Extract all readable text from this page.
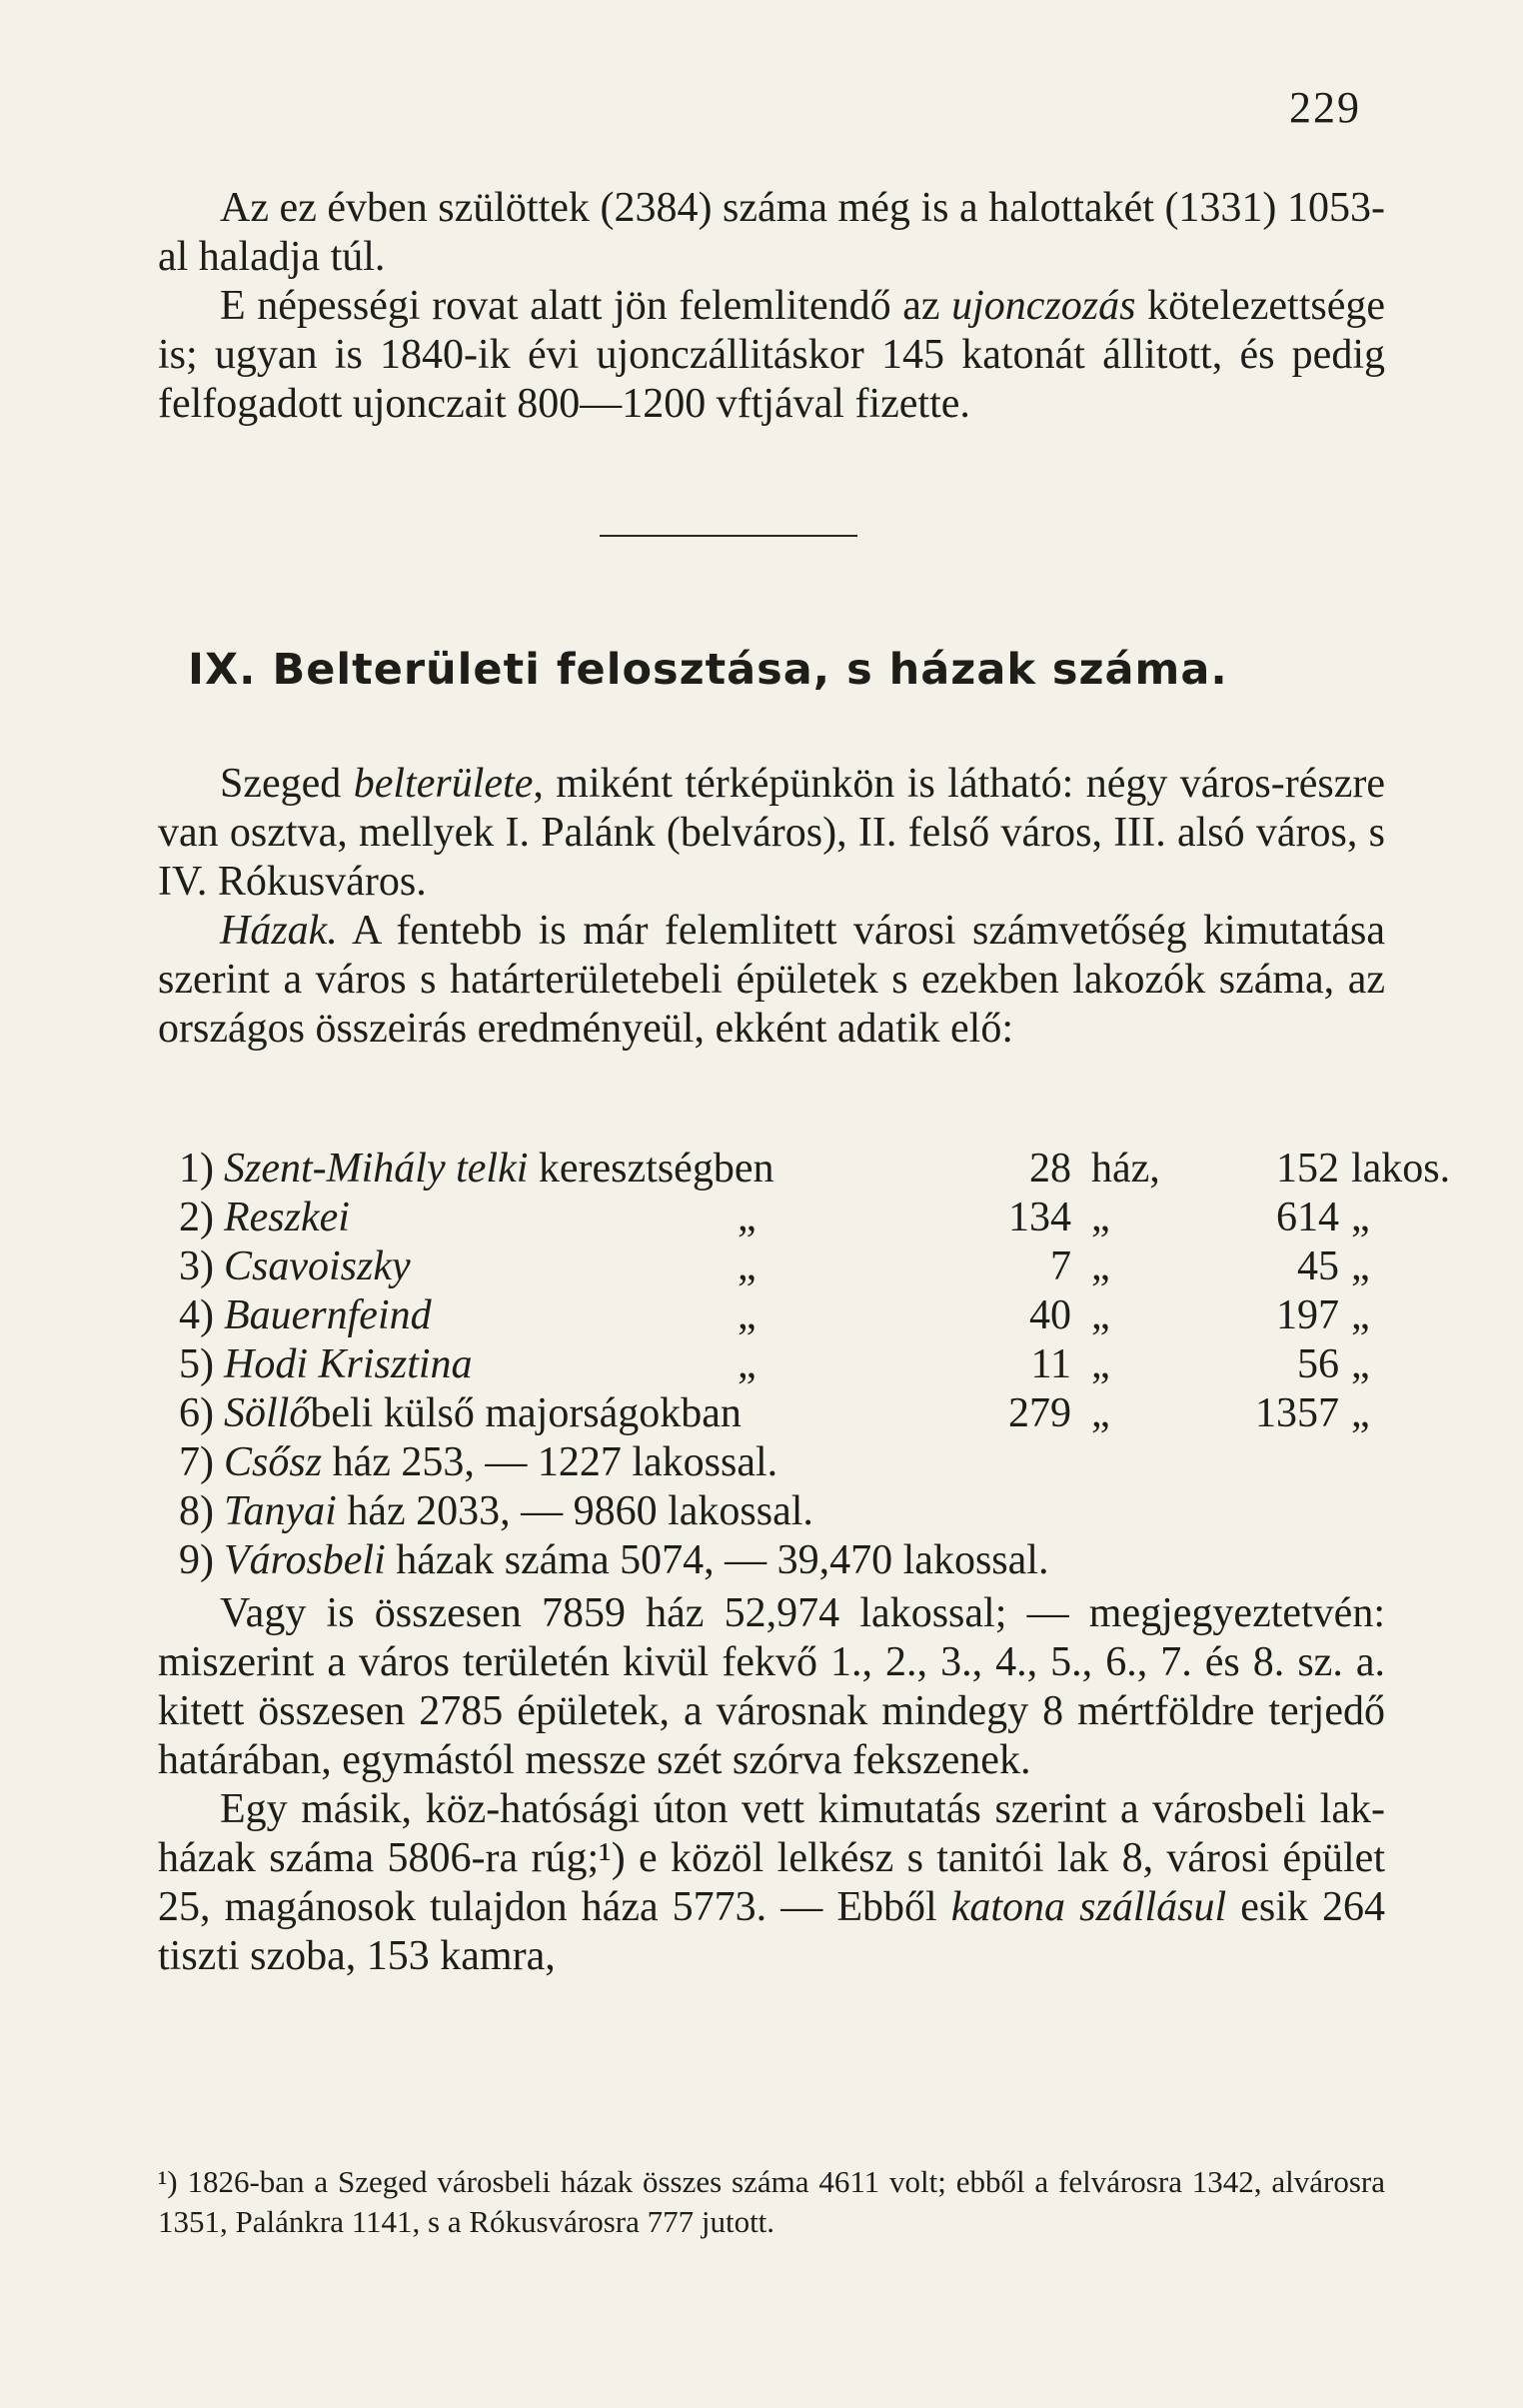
229

Az ez évben szülöttek (2384) száma még is a halottakét (1331) 1053-al haladja túl.

E népességi rovat alatt jön felemlitendő az ujonczozás kötelezettsége is; ugyan is 1840-ik évi ujonczállitáskor 145 katonát állitott, és pedig felfogadott ujonczait 800—1200 vftjával fizette.

IX. Belterületi felosztása, s házak száma.

Szeged belterülete, miként térképünkön is látható: négy város-részre van osztva, mellyek I. Palánk (belváros), II. felső város, III. alsó város, s IV. Rókusváros.

Házak. A fentebb is már felemlitett városi számvetőség kimutatása szerint a város s határterületebeli épületek s ezekben lakozók száma, az országos összeirás eredményeül, ekként adatik elő:

1) Szent-Mihály telki keresztségben	28 ház,	152 lakos.
2) Reszkei	„	134 „	614 „
3) Csavoiszky	„	7 „	45 „
4) Bauernfeind	„	40 „	197 „
5) Hodi Krisztina	„	11 „	56 „
6) Söllőbeli külső majorságokban	279 „	1357 „
7) Csősz ház 253, — 1227 lakossal.
8) Tanyai ház 2033, — 9860 lakossal.
9) Városbeli házak száma 5074, — 39,470 lakossal.

Vagy is összesen 7859 ház 52,974 lakossal; — megjegyeztetvén: miszerint a város területén kivül fekvő 1., 2., 3., 4., 5., 6., 7. és 8. sz. a. kitett összesen 2785 épületek, a városnak mindegy 8 mértföldre terjedő határában, egymástól messze szét szórva fekszenek.

Egy másik, köz-hatósági úton vett kimutatás szerint a városbeli lak-házak száma 5806-ra rúg;¹) e közöl lelkész s tanitói lak 8, városi épület 25, magánosok tulajdon háza 5773. — Ebből katona szállásul esik 264 tiszti szoba, 153 kamra,

¹) 1826-ban a Szeged városbeli házak összes száma 4611 volt; ebből a felvárosra 1342, alvárosra 1351, Palánkra 1141, s a Rókusvárosra 777 jutott.
